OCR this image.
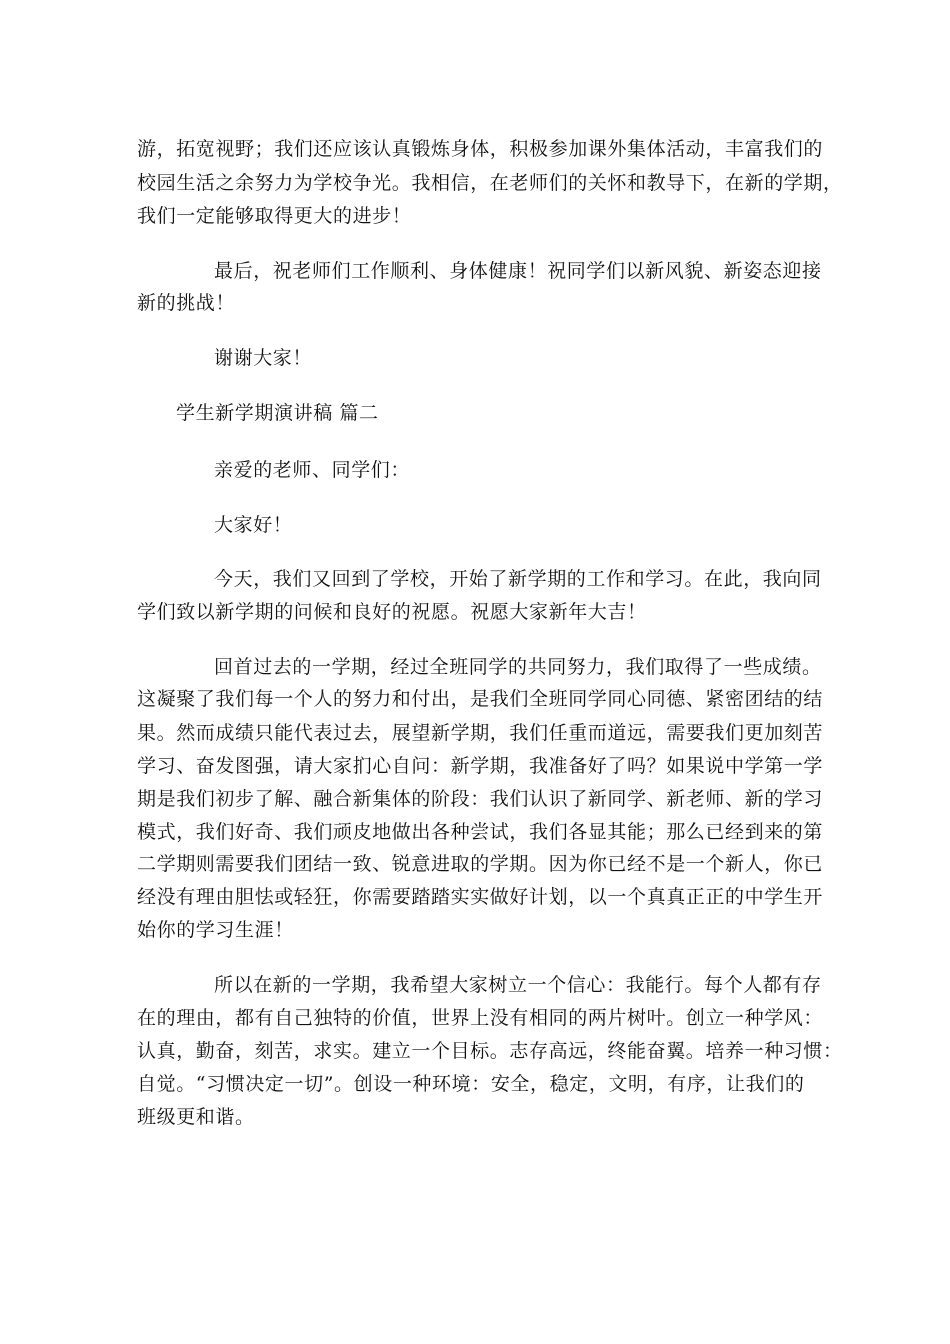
游，拓宽视野；我们还应该认真锻炼身体，积极参加课外集体活动，丰富我们的
校园生活之余努力为学校争光。我相信，在老师们的关怀和教导下，在新的学期，
我们一定能够取得更大的进步！
最后，祝老师们工作顺利、身体健康！祝同学们以新风貌、新姿态迎接
新的挑战！
谢谢大家！
学生新学期演讲稿 篇二
亲爱的老师、同学们：
大家好！
今天，我们又回到了学校，开始了新学期的工作和学习。在此，我向同
学们致以新学期的问候和良好的祝愿。祝愿大家新年大吉！
回首过去的一学期，经过全班同学的共同努力，我们取得了一些成绩。
这凝聚了我们每一个人的努力和付出，是我们全班同学同心同德、紧密团结的结
果。然而成绩只能代表过去，展望新学期，我们任重而道远，需要我们更加刻苦
学习、奋发图强，请大家扪心自问：新学期，我准备好了吗？如果说中学第一学
期是我们初步了解、融合新集体的阶段：我们认识了新同学、新老师、新的学习
模式，我们好奇、我们顽皮地做出各种尝试，我们各显其能；那么已经到来的第
二学期则需要我们团结一致、锐意进取的学期。因为你已经不是一个新人，你已
经没有理由胆怯或轻狂，你需要踏踏实实做好计划，以一个真真正正的中学生开
始你的学习生涯！
所以在新的一学期，我希望大家树立一个信心：我能行。每个人都有存
在的理由，都有自己独特的价值，世界上没有相同的两片树叶。创立一种学风：
认真，勤奋，刻苦，求实。建立一个目标。志存高远，终能奋翼。培养一种习惯：
自觉。“习惯决定一切”。创设一种环境：安全，稳定，文明，有序，让我们的
班级更和谐。
